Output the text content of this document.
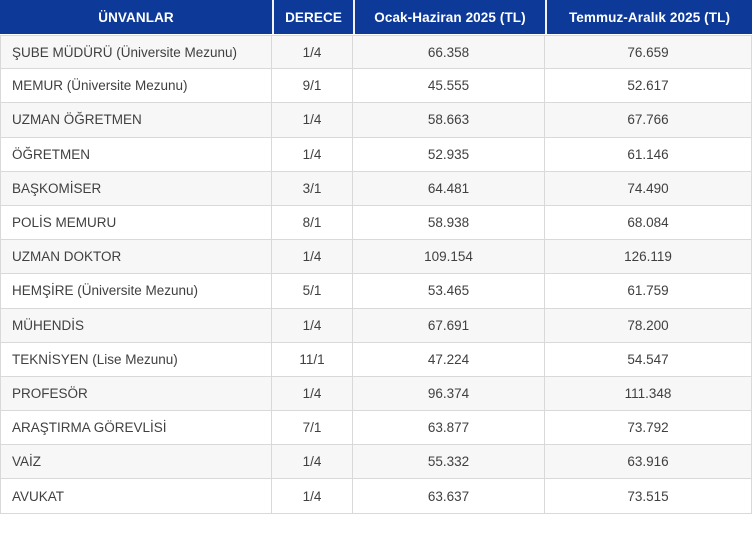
ÜNVANLAR	DERECE	Ocak-Haziran 2025 (TL)	Temmuz-Aralık 2025 (TL)
ŞUBE MÜDÜRÜ (Üniversite Mezunu)	1/4	66.358	76.659
MEMUR (Üniversite Mezunu)	9/1	45.555	52.617
UZMAN ÖĞRETMEN	1/4	58.663	67.766
ÖĞRETMEN	1/4	52.935	61.146
BAŞKOMİSER	3/1	64.481	74.490
POLİS MEMURU	8/1	58.938	68.084
UZMAN DOKTOR	1/4	109.154	126.119
HEMŞİRE (Üniversite Mezunu)	5/1	53.465	61.759
MÜHENDİS	1/4	67.691	78.200
TEKNİSYEN (Lise Mezunu)	11/1	47.224	54.547
PROFESÖR	1/4	96.374	111.348
ARAŞTIRMA GÖREVLİSİ	7/1	63.877	73.792
VAİZ	1/4	55.332	63.916
AVUKAT	1/4	63.637	73.515
